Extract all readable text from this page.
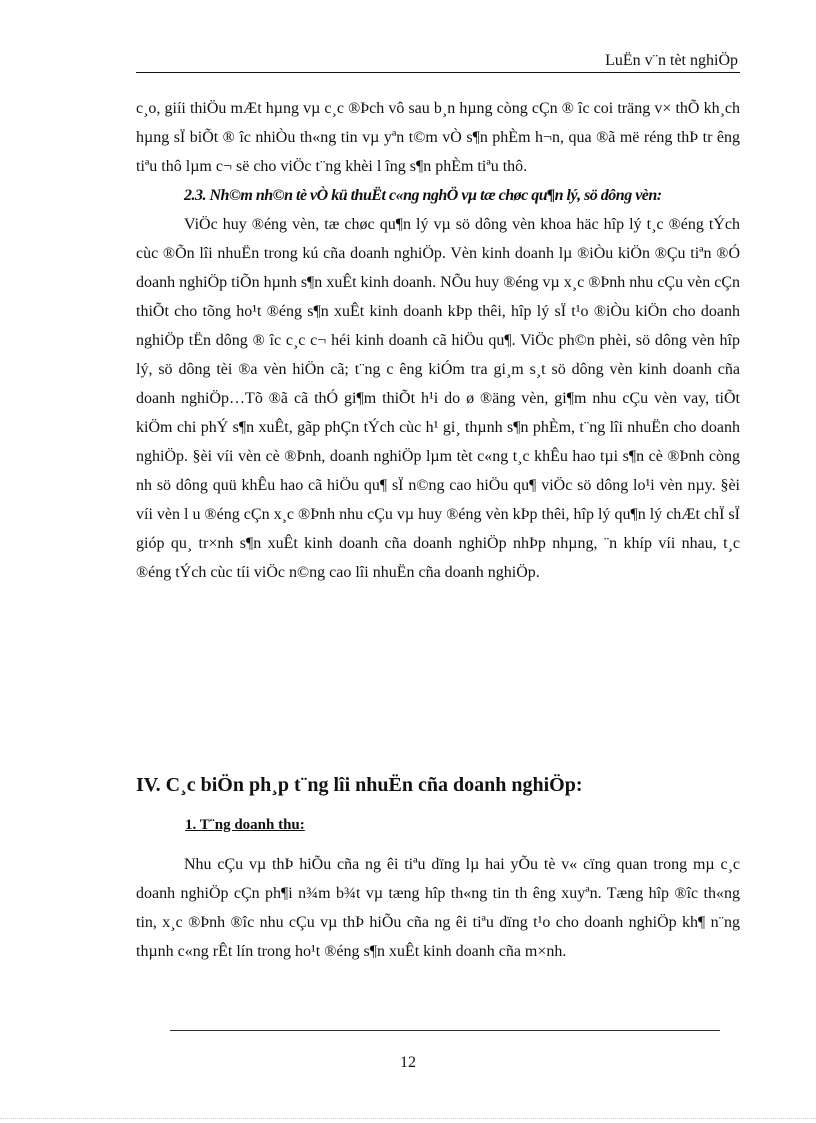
LuËn v¨n tèt nghiÖp

c¸o, giíi thiÖu mÆt hµng vµ c¸c ®Þch vô sau b¸n hµng còng cÇn ® îc coi träng v× thÕ kh¸ch hµng sÏ biÕt ® îc nhiÒu th«ng tin vµ yªn t©m vÒ s¶n phÈm h¬n, qua ®ã më réng thÞ tr êng tiªu thô lµm c¬ së cho viÖc t¨ng khèi l îng s¶n phÈm tiªu thô.

2.3. Nh©m nh©n tè vÒ kü thuËt c«ng nghÖ vµ tæ chøc qu¶n lý, sö dông vèn:

ViÖc huy ®éng vèn, tæ chøc qu¶n lý vµ sö dông vèn khoa häc hîp lý t¸c ®éng tÝch cùc ®Õn lîi nhuËn trong kú cña doanh nghiÖp. Vèn kinh doanh lµ ®iÒu kiÖn ®Çu tiªn ®Ó doanh nghiÖp tiÕn hµnh s¶n xuÊt kinh doanh. NÕu huy ®éng vµ x¸c ®Þnh nhu cÇu vèn cÇn thiÕt cho tõng ho¹t ®éng s¶n xuÊt kinh doanh kÞp thêi, hîp lý sÏ t¹o ®iÒu kiÖn cho doanh nghiÖp tËn dông ® îc c¸c c¬ héi kinh doanh cã hiÖu qu¶. ViÖc ph©n phèi, sö dông vèn hîp lý, sö dông tèi ®a vèn hiÖn cã; t¨ng c êng kiÓm tra gi¸m s¸t sö dông vèn kinh doanh cña doanh nghiÖp…Tõ ®ã cã thÓ gi¶m thiÕt h¹i do ø ®äng vèn, gi¶m nhu cÇu vèn vay, tiÕt kiÖm chi phÝ s¶n xuÊt, gãp phÇn tÝch cùc h¹ gi¸ thµnh s¶n phÈm, t¨ng lîi nhuËn cho doanh nghiÖp. §èi víi vèn cè ®Þnh, doanh nghiÖp lµm tèt c«ng t¸c khÊu hao tµi s¶n cè ®Þnh còng nh sö dông quü khÊu hao cã hiÖu qu¶ sÏ n©ng cao hiÖu qu¶ viÖc sö dông lo¹i vèn nµy. §èi víi vèn l u ®éng cÇn x¸c ®Þnh nhu cÇu vµ huy ®éng vèn kÞp thêi, hîp lý qu¶n lý chÆt chÏ sÏ gióp qu¸ tr×nh s¶n xuÊt kinh doanh cña doanh nghiÖp nhÞp nhµng, ¨n khíp víi nhau, t¸c ®éng tÝch cùc tíi viÖc n©ng cao lîi nhuËn cña doanh nghiÖp.

IV. C¸c biÖn ph¸p t¨ng lîi nhuËn cña doanh nghiÖp:
1. T¨ng doanh thu:

Nhu cÇu vµ thÞ hiÕu cña ng êi tiªu dïng lµ hai yÕu tè v« cïng quan trong mµ c¸c doanh nghiÖp cÇn ph¶i n¾m b¾t vµ tæng hîp th«ng tin th êng xuyªn. Tæng hîp ®îc th«ng tin, x¸c ®Þnh ®îc nhu cÇu vµ thÞ hiÕu cña ng êi tiªu dïng t¹o cho doanh nghiÖp kh¶ n¨ng thµnh c«ng rÊt lín trong ho¹t ®éng s¶n xuÊt kinh doanh cña m×nh.

12
